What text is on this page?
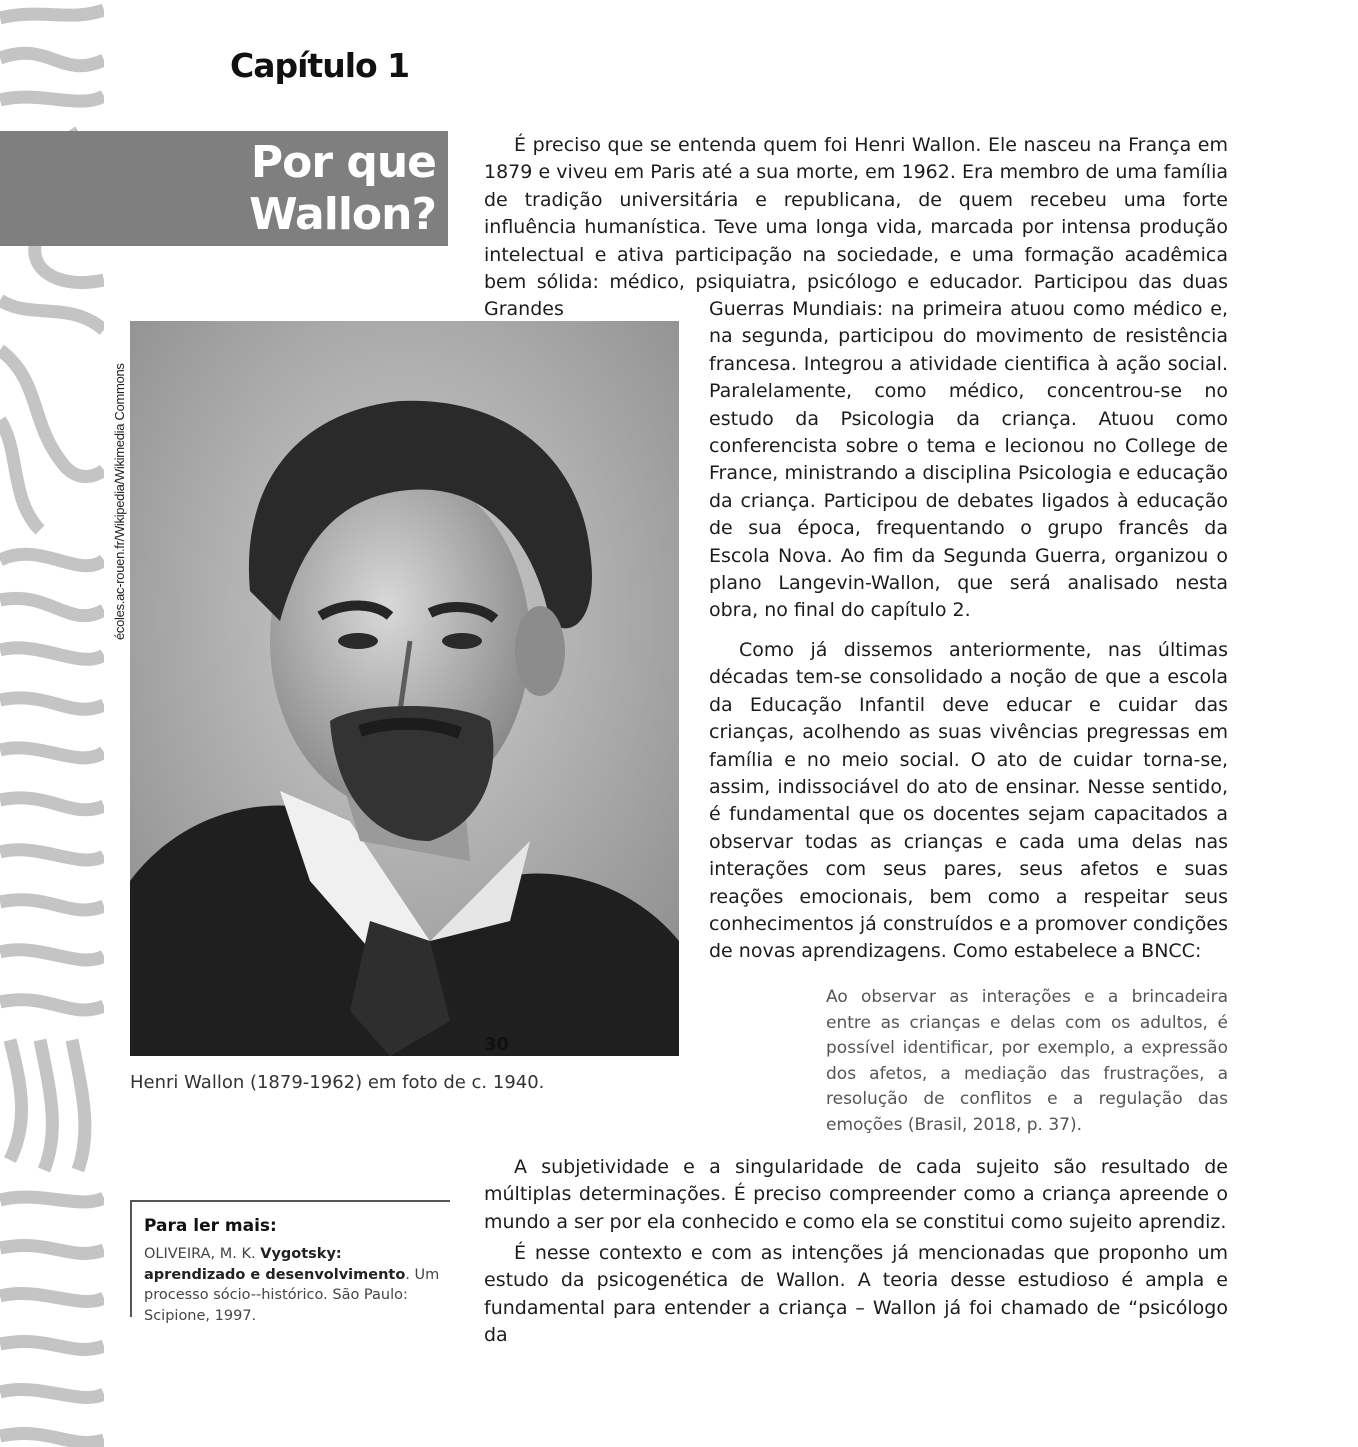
Capítulo 1
Por que
Wallon?

É preciso que se entenda quem foi Henri Wallon. Ele nasceu na França em 1879 e viveu em Paris até a sua morte, em 1962. Era membro de uma família de tradição universitária e republicana, de quem recebeu uma forte influência humanística. Teve uma longa vida, marcada por intensa produção intelectual e ativa participação na sociedade, e uma formação acadêmica bem sólida: médico, psiquiatra, psicólogo e educador. Participou das duas Grandes	Guerras Mundiais: na primeira atuou como médico e, na segunda, participou do movimento de resistência francesa. Integrou a atividade cientifica à ação social. Paralelamente, como médico, concentrou-se no estudo da Psicologia da criança. Atuou como conferencista sobre o tema e lecionou no College de France, ministrando a disciplina Psicologia e educação da criança. Participou de debates ligados à educação de sua época, frequentando o grupo francês da Escola Nova. Ao fim da Segunda Guerra, organizou o plano Langevin-Wallon, que será analisado nesta obra, no final do capítulo 2.

écoles.ac-rouen.fr/Wikipedia/Wikimedia Commons

Henri Wallon (1879-1962) em foto de c. 1940.

Como já dissemos anteriormente, nas últimas décadas tem-se consolidado a noção de que a escola da Educação Infantil deve educar e cuidar das crianças, acolhendo as suas vivências pregressas em família e no meio social. O ato de cuidar torna-se, assim, indissociável do ato de ensinar. Nesse sentido, é fundamental que os docentes sejam capacitados a observar todas as crianças e cada uma delas nas interações com seus pares, seus afetos e suas reações emocionais, bem como a respeitar seus conhecimentos já construídos e a promover condições de novas aprendizagens. Como estabelece a BNCC:

Ao observar as interações e a brincadeira entre as crianças e delas com os adultos, é possível identificar, por exemplo, a expressão dos afetos, a mediação das frustrações, a resolução de conflitos e a regulação das emoções (Brasil, 2018, p. 37).

A subjetividade e a singularidade de cada sujeito são resultado de múltiplas determinações. É preciso compreender como a criança apreende o mundo a ser por ela conhecido e como ela se constitui como sujeito aprendiz.

É nesse contexto e com as intenções já mencionadas que proponho um estudo da psicogenética de Wallon. A teoria desse estudioso é ampla e fundamental para entender a criança – Wallon já foi chamado de “psicólogo da

Para ler mais:

OLIVEIRA, M. K. Vygotsky: aprendizado e desenvolvimento. Um processo sócio--histórico. São Paulo: Scipione, 1997.

30
